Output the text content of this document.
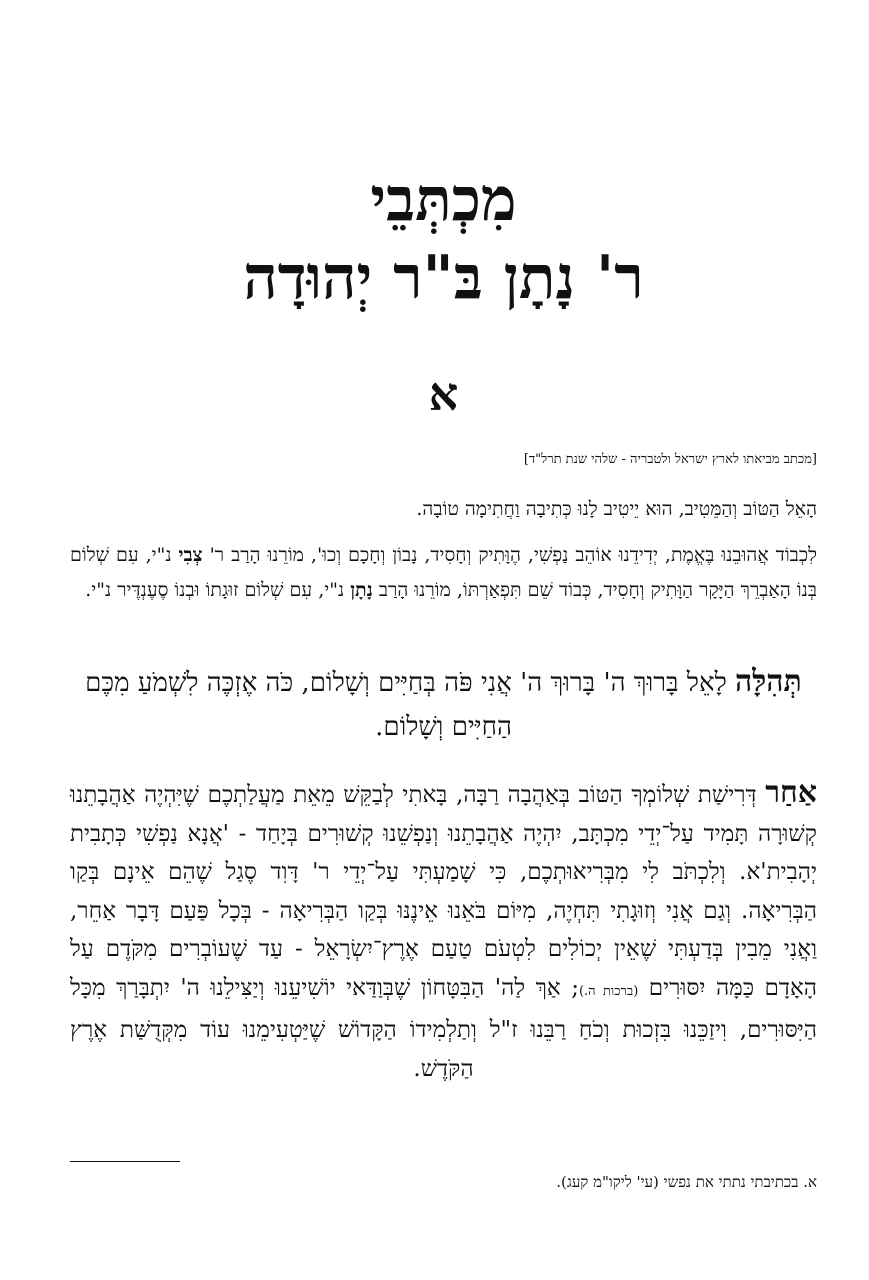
מִכְתְּבֵי
ר' נָתָן בּ"ר יְהוּדָה
א
[מכתב מביאתו לארץ ישראל ולטבריה - שלהי שנת תרל"ד]
הָאֵל הַטּוֹב וְהַמֵּטִיב, הוּא יֵיטִיב לָנוּ כְּתִיבָה וַחֲתִימָה טוֹבָה.
לִכְבוֹד אֲהוּבֵנוּ בֶּאֱמֶת, יְדִידֵנוּ אוֹהֵב נַפְשִׁי, הֶוָּתִיק וְחָסִיד, נָבוֹן וְחָכָם וְכוּ', מוֹרֵנוּ הָרַב ר' צְבִי נ"י, עִם שְׁלוֹם בְּנוֹ הָאַבְרֵךְ הַיָּקָר הַוָּתִיק וְחָסִיד, כְּבוֹד שֵׁם תִּפְאַרְתּוֹ, מוֹרֵנוּ הָרַב נָתָן נ"י, עִם שְׁלוֹם זוּגָתוֹ וּבְנוֹ סֶעֶנְדֶּיר נ"י.
תְּהִלָּה לָאֵל בָּרוּךְ ה' בָּרוּךְ ה' אֲנִי פֹּה בְּחַיִּים וְשָׁלוֹם, כֹּה אֶזְכֶּה לִשְׁמֹעַ מִכֶּם הַחַיִּים וְשָׁלוֹם.
אַחַר דְּרִישַׁת שְׁלוֹמְךָ הַטּוֹב בְּאַהֲבָה רַבָּה, בָּאתִי לְבַקֵּשׁ מֵאֵת מַעֲלַתְכֶם שֶׁיִּהְיֶה אַהֲבָתֵנוּ קְשׁוּרָה תָּמִיד עַל־יְדֵי מִכְתָּב, יִהְיֶה אַהֲבָתֵנוּ וְנַפְשֵׁנוּ קְשׁוּרִים בְּיָחַד - 'אֲנָא נַפְשִׁי כְּתָבִית יְהָבִית'א. וְלִכְתֹּב לִי מִבְּרִיאוּתְכֶם, כִּי שָׁמַעְתִּי עַל־יְדֵי ר' דָּוִד סֶגַל שֶׁהֵם אֵינָם בְּקַו הַבְּרִיאָה. וְגַם אֲנִי וְזוּגָתִי תִּחְיֶה, מִיּוֹם בֹּאֵנוּ אֵינֶנּוּ בְּקַו הַבְּרִיאָה - בְּכָל פַּעַם דָּבָר אַחֵר, וַאֲנִי מֵבִין בְּדַעְתִּי שֶׁאֵין יְכוֹלִים לִטְעֹם טַעַם אֶרֶץ־יִשְׂרָאֵל - עַד שֶׁעוֹבְרִים מִקֹּדֶם עַל הָאָדָם כַּמָּה יִסּוּרִים (ברכות ה.); אַךְ לַה' הַבִּטָּחוֹן שֶׁבְּוַדַּאי יוֹשִׁיעֵנוּ וְיַצִּילֵנוּ ה' יִתְבָּרַךְ מִכָּל הַיִּסּוּרִים, וִיזַכֵּנוּ בִּזְכוּת וְכֹחַ רַבֵּנוּ ז"ל וְתַלְמִידוֹ הַקָּדוֹשׁ שֶׁיַּטְעִימֵנוּ עוֹד מִקְּדֻשַּׁת אֶרֶץ הַקֹּדֶשׁ.
א. בכתיבתי נתתי את נפשי (עי' ליקו"מ קעג).
